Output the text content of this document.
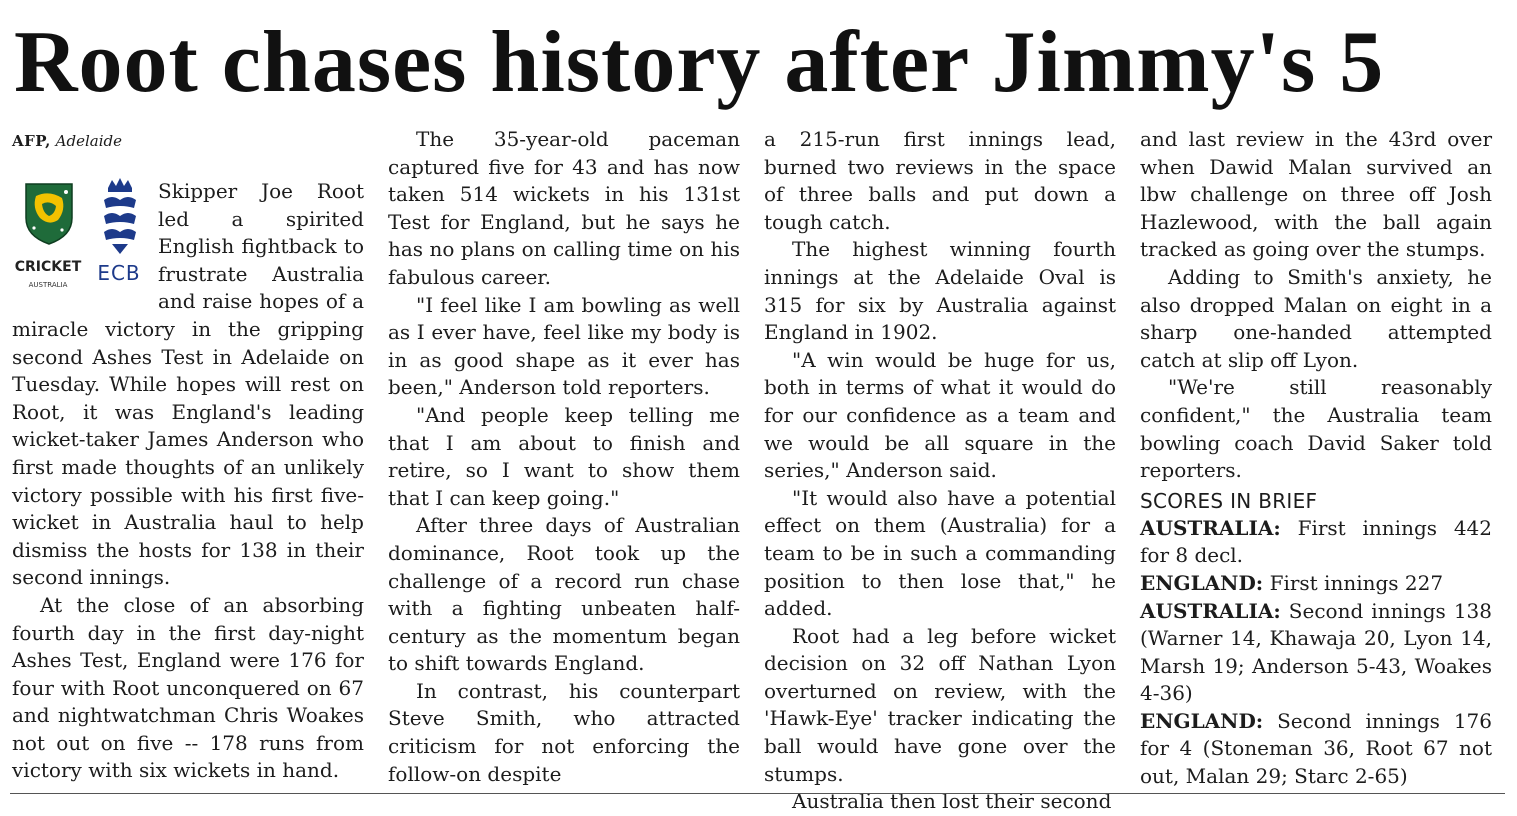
Root chases history after Jimmy's 5
AFP, Adelaide
CRICKET
AUSTRALIA	ECB

Skipper Joe Root led a spirited English fightback to frustrate Australia and raise hopes of a miracle victory in the gripping second Ashes Test in Adelaide on Tuesday. While hopes will rest on Root, it was England's leading wicket-taker James Anderson who first made thoughts of an unlikely victory possible with his first five-wicket in Australia haul to help dismiss the hosts for 138 in their second innings.

At the close of an absorbing fourth day in the first day-night Ashes Test, England were 176 for four with Root unconquered on 67 and nightwatchman Chris Woakes not out on five -- 178 runs from victory with six wickets in hand.

The 35-year-old paceman captured five for 43 and has now taken 514 wickets in his 131st Test for England, but he says he has no plans on calling time on his fabulous career.

"I feel like I am bowling as well as I ever have, feel like my body is in as good shape as it ever has been," Anderson told reporters.

"And people keep telling me that I am about to finish and retire, so I want to show them that I can keep going."

After three days of Australian dominance, Root took up the challenge of a record run chase with a fighting unbeaten half-century as the momentum began to shift towards England.

In contrast, his counterpart Steve Smith, who attracted criticism for not enforcing the follow-on despite

a 215-run first innings lead, burned two reviews in the space of three balls and put down a tough catch.

The highest winning fourth innings at the Adelaide Oval is 315 for six by Australia against England in 1902.

"A win would be huge for us, both in terms of what it would do for our confidence as a team and we would be all square in the series," Anderson said.

"It would also have a potential effect on them (Australia) for a team to be in such a commanding position to then lose that," he added.

Root had a leg before wicket decision on 32 off Nathan Lyon overturned on review, with the 'Hawk-Eye' tracker indicating the ball would have gone over the stumps.

Australia then lost their second

and last review in the 43rd over when Dawid Malan survived an lbw challenge on three off Josh Hazlewood, with the ball again tracked as going over the stumps.

Adding to Smith's anxiety, he also dropped Malan on eight in a sharp one-handed attempted catch at slip off Lyon.

"We're still reasonably confident," the Australia team bowling coach David Saker told reporters.

SCORES IN BRIEF

AUSTRALIA: First innings 442 for 8 decl.

ENGLAND: First innings 227

AUSTRALIA: Second innings 138 (Warner 14, Khawaja 20, Lyon 14, Marsh 19; Anderson 5-43, Woakes 4-36)

ENGLAND: Second innings 176 for 4 (Stoneman 36, Root 67 not out, Malan 29; Starc 2-65)
